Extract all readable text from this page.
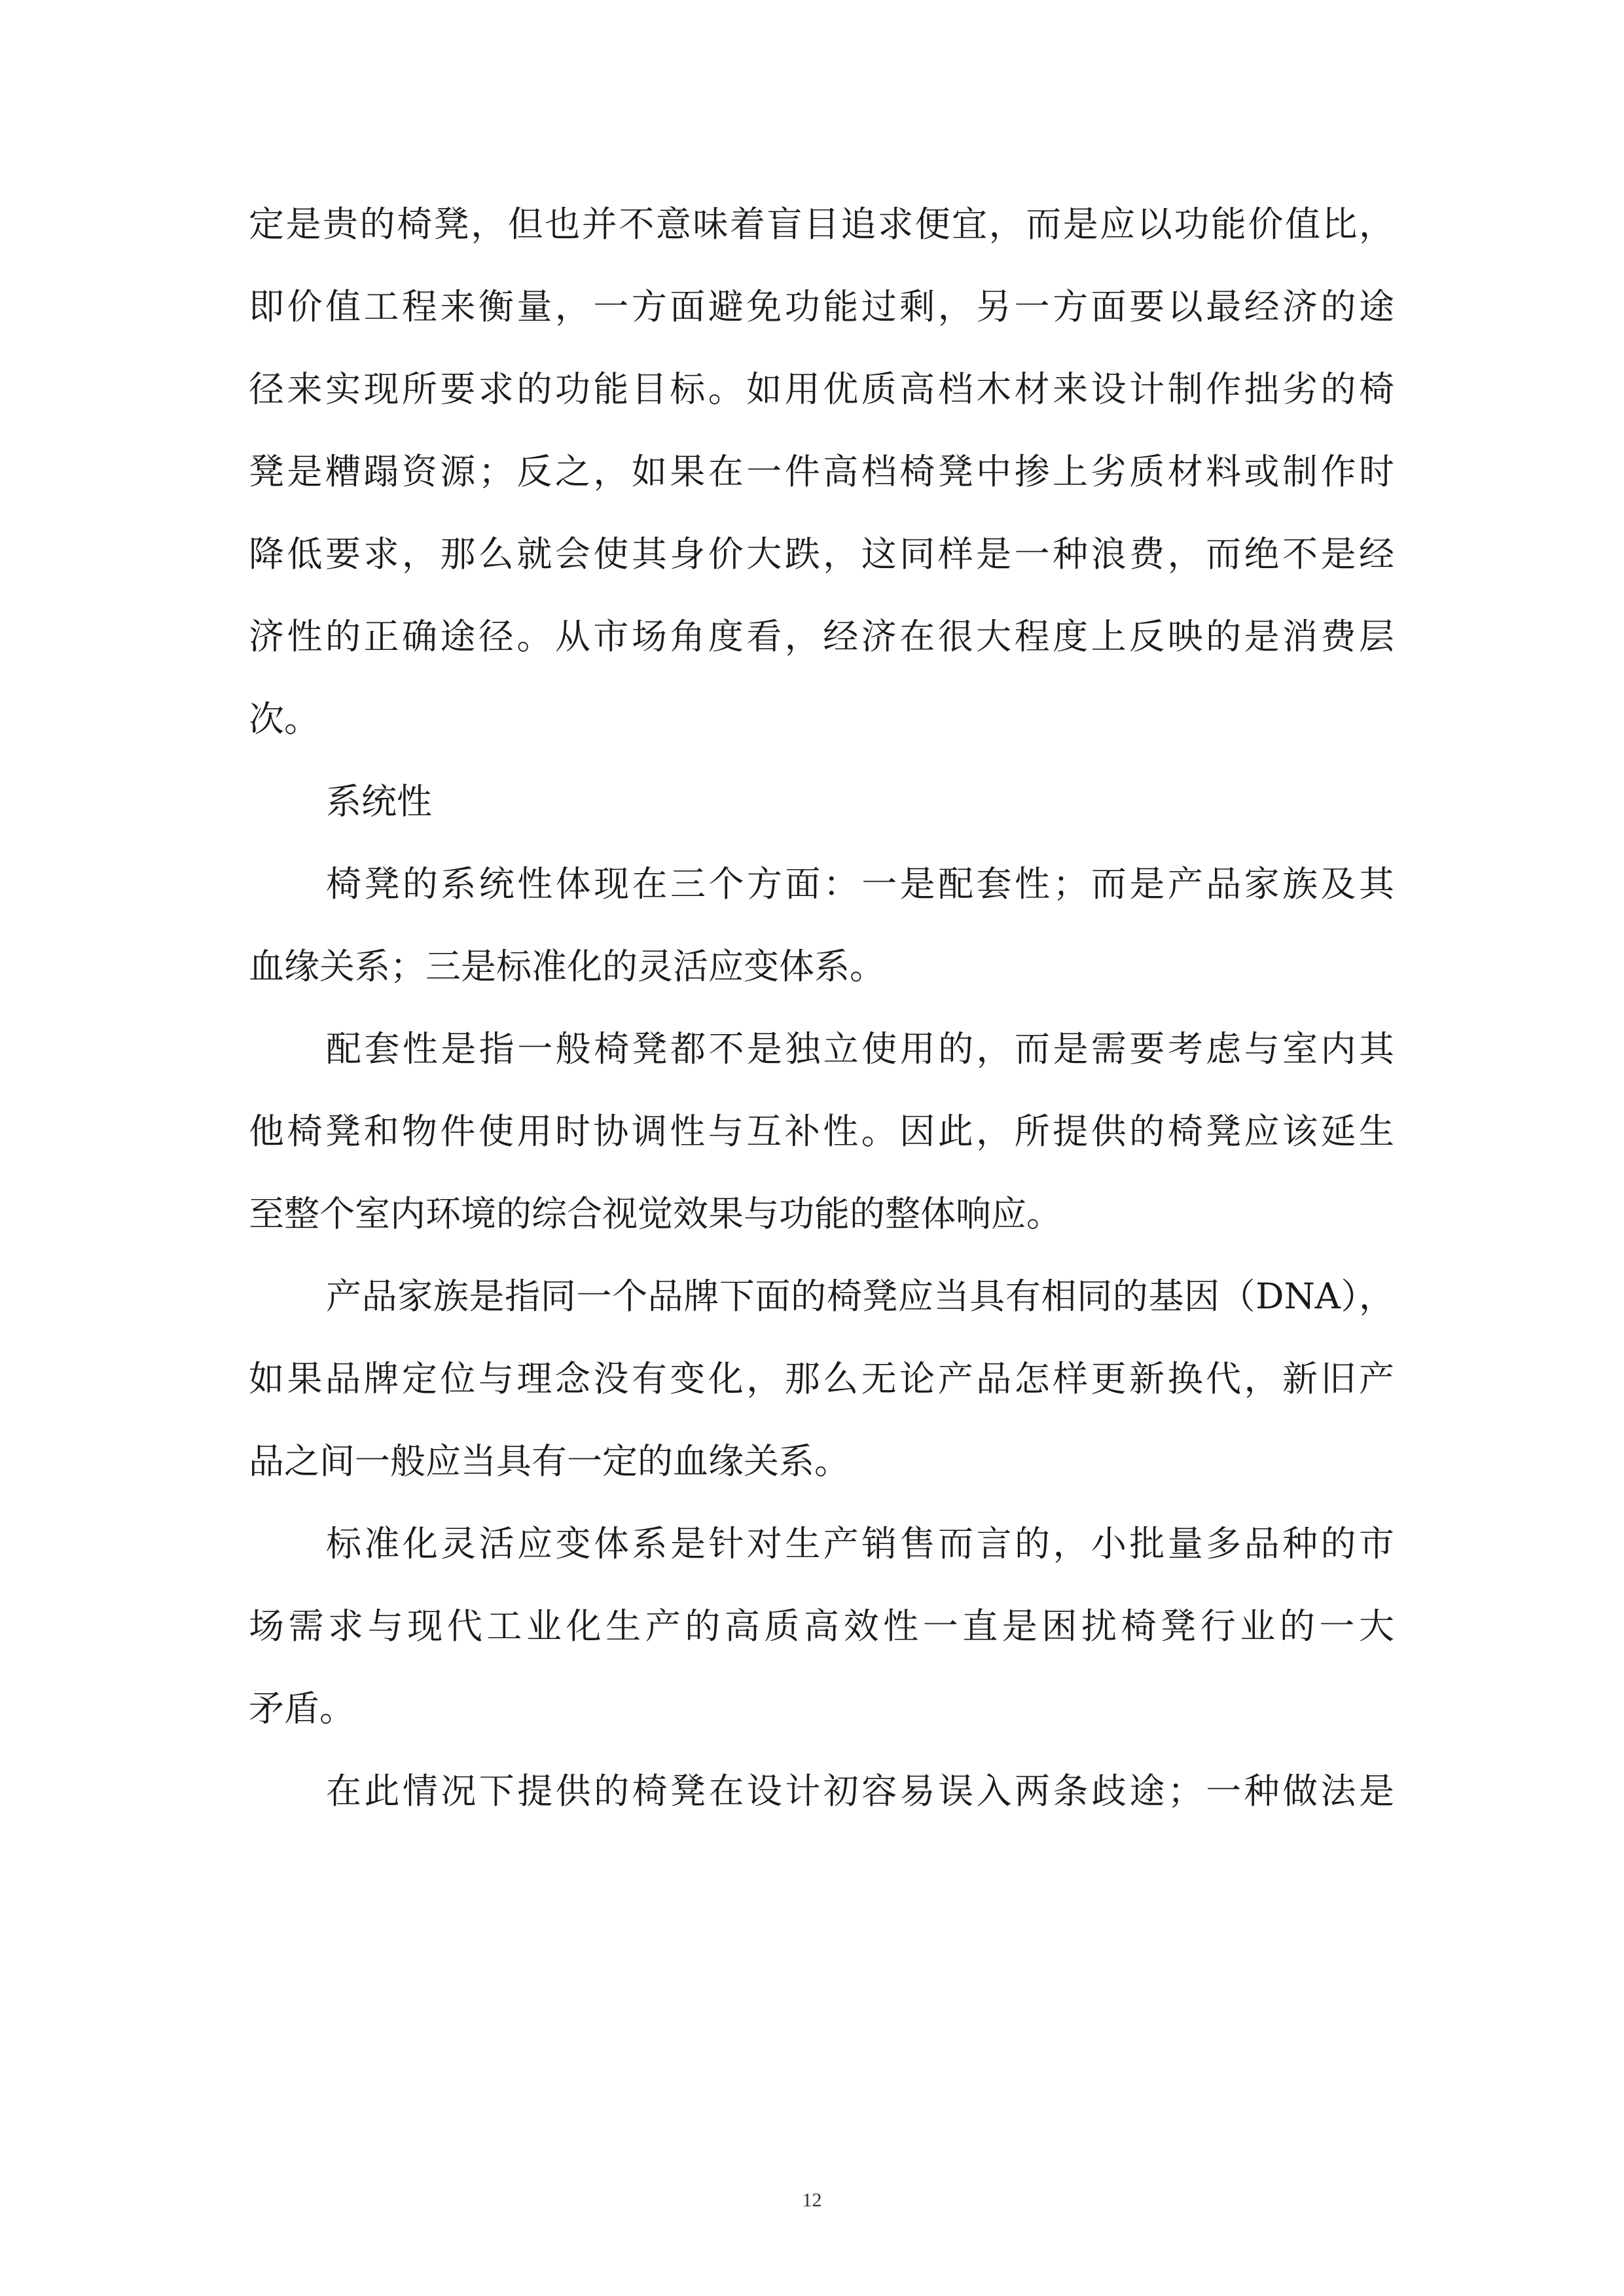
定是贵的椅凳，但也并不意味着盲目追求便宜，而是应以功能价值比，
即价值工程来衡量，一方面避免功能过剩，另一方面要以最经济的途
径来实现所要求的功能目标。如用优质高档木材来设计制作拙劣的椅
凳是糟蹋资源；反之，如果在一件高档椅凳中掺上劣质材料或制作时
降低要求，那么就会使其身价大跌，这同样是一种浪费，而绝不是经
济性的正确途径。从市场角度看，经济在很大程度上反映的是消费层
次。
系统性
椅凳的系统性体现在三个方面：一是配套性；而是产品家族及其
血缘关系；三是标准化的灵活应变体系。
配套性是指一般椅凳都不是独立使用的，而是需要考虑与室内其
他椅凳和物件使用时协调性与互补性。因此，所提供的椅凳应该延生
至整个室内环境的综合视觉效果与功能的整体响应。
产品家族是指同一个品牌下面的椅凳应当具有相同的基因（DNA），
如果品牌定位与理念没有变化，那么无论产品怎样更新换代，新旧产
品之间一般应当具有一定的血缘关系。
标准化灵活应变体系是针对生产销售而言的，小批量多品种的市
场需求与现代工业化生产的高质高效性一直是困扰椅凳行业的一大
矛盾。
在此情况下提供的椅凳在设计初容易误入两条歧途；一种做法是
12
